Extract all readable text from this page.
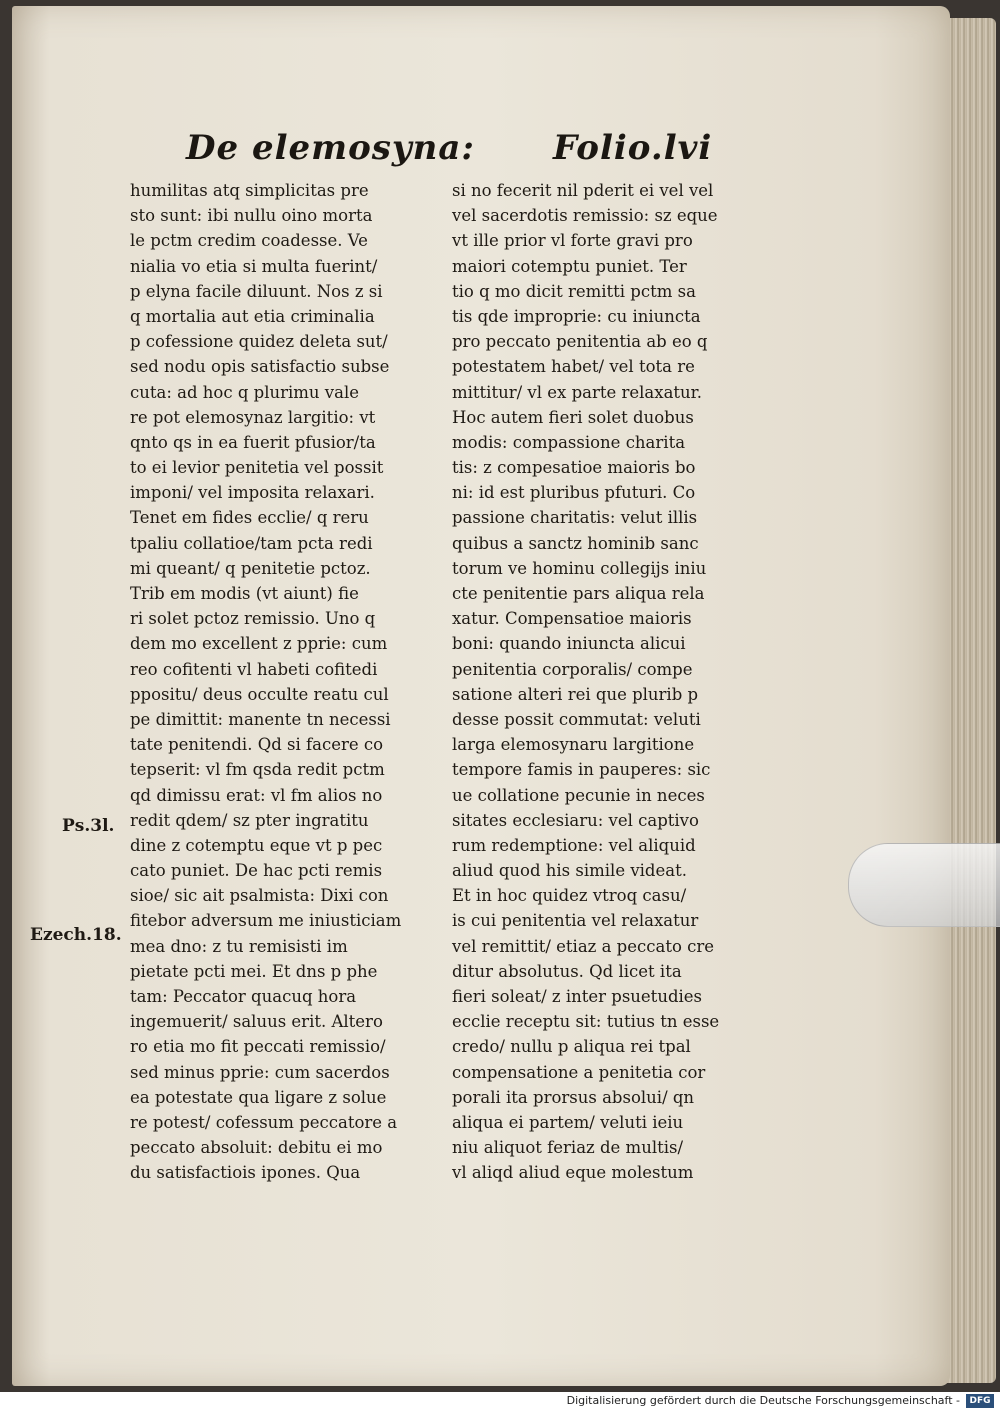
De elemosyna: Folio.lvi
humilitas atq simplicitas pre
sto sunt: ibi nullu oino morta
le pctm credim coadesse. Ve
nialia vo etia si multa fuerint/
p elyna facile diluunt. Nos z si
q mortalia aut etia criminalia
p cofessione quidez deleta sut/
sed nodu opis satisfactio subse
cuta: ad hoc q plurimu vale
re pot elemosynaz largitio: vt
qnto qs in ea fuerit pfusior/ta
to ei levior penitetia vel possit
imponi/ vel imposita relaxari.
Tenet em fides ecclie/ q reru
tpaliu collatioe/tam pcta redi
mi queant/ q penitetie pctoz.
Trib em modis (vt aiunt) fie
ri solet pctoz remissio. Uno q
dem mo excellent z pprie: cum
reo cofitenti vl habeti cofitedi
ppositu/ deus occulte reatu cul
pe dimittit: manente tn necessi
tate penitendi. Qd si facere co
tepserit: vl fm qsda redit pctm
qd dimissu erat: vl fm alios no
redit qdem/ sz pter ingratitu
dine z cotemptu eque vt p pec
cato puniet. De hac pcti remis
sioe/ sic ait psalmista: Dixi con
fitebor adversum me iniusticiam
mea dno: z tu remisisti im
pietate pcti mei. Et dns p phe
tam: Peccator quacuq hora
ingemuerit/ saluus erit. Altero
ro etia mo fit peccati remissio/
sed minus pprie: cum sacerdos
ea potestate qua ligare z solue
re potest/ cofessum peccatore a
peccato absoluit: debitu ei mo
du satisfactiois ipones. Qua
si no fecerit nil pderit ei vel vel
vel sacerdotis remissio: sz eque
vt ille prior vl forte gravi pro
maiori cotemptu puniet. Ter
tio q mo dicit remitti pctm sa
tis qde improprie: cu iniuncta
pro peccato penitentia ab eo q
potestatem habet/ vel tota re
mittitur/ vl ex parte relaxatur.
Hoc autem fieri solet duobus
modis: compassione charita
tis: z compesatioe maioris bo
ni: id est pluribus pfuturi. Co
passione charitatis: velut illis
quibus a sanctz hominib sanc
torum ve hominu collegijs iniu
cte penitentie pars aliqua rela
xatur. Compensatioe maioris
boni: quando iniuncta alicui
penitentia corporalis/ compe
satione alteri rei que plurib p
desse possit commutat: veluti
larga elemosynaru largitione
tempore famis in pauperes: sic
ue collatione pecunie in neces
sitates ecclesiaru: vel captivo
rum redemptione: vel aliquid
aliud quod his simile videat.
Et in hoc quidez vtroq casu/
is cui penitentia vel relaxatur
vel remittit/ etiaz a peccato cre
ditur absolutus. Qd licet ita
fieri soleat/ z inter psuetudies
ecclie receptu sit: tutius tn esse
credo/ nullu p aliqua rei tpal
compensatione a penitetia cor
porali ita prorsus absolui/ qn
aliqua ei partem/ veluti ieiu
niu aliquot feriaz de multis/
vl aliqd aliud eque molestum
Ps.3l.
Ezech.18.
Digitalisierung gefördert durch die Deutsche Forschungsgemeinschaft -	DFG
